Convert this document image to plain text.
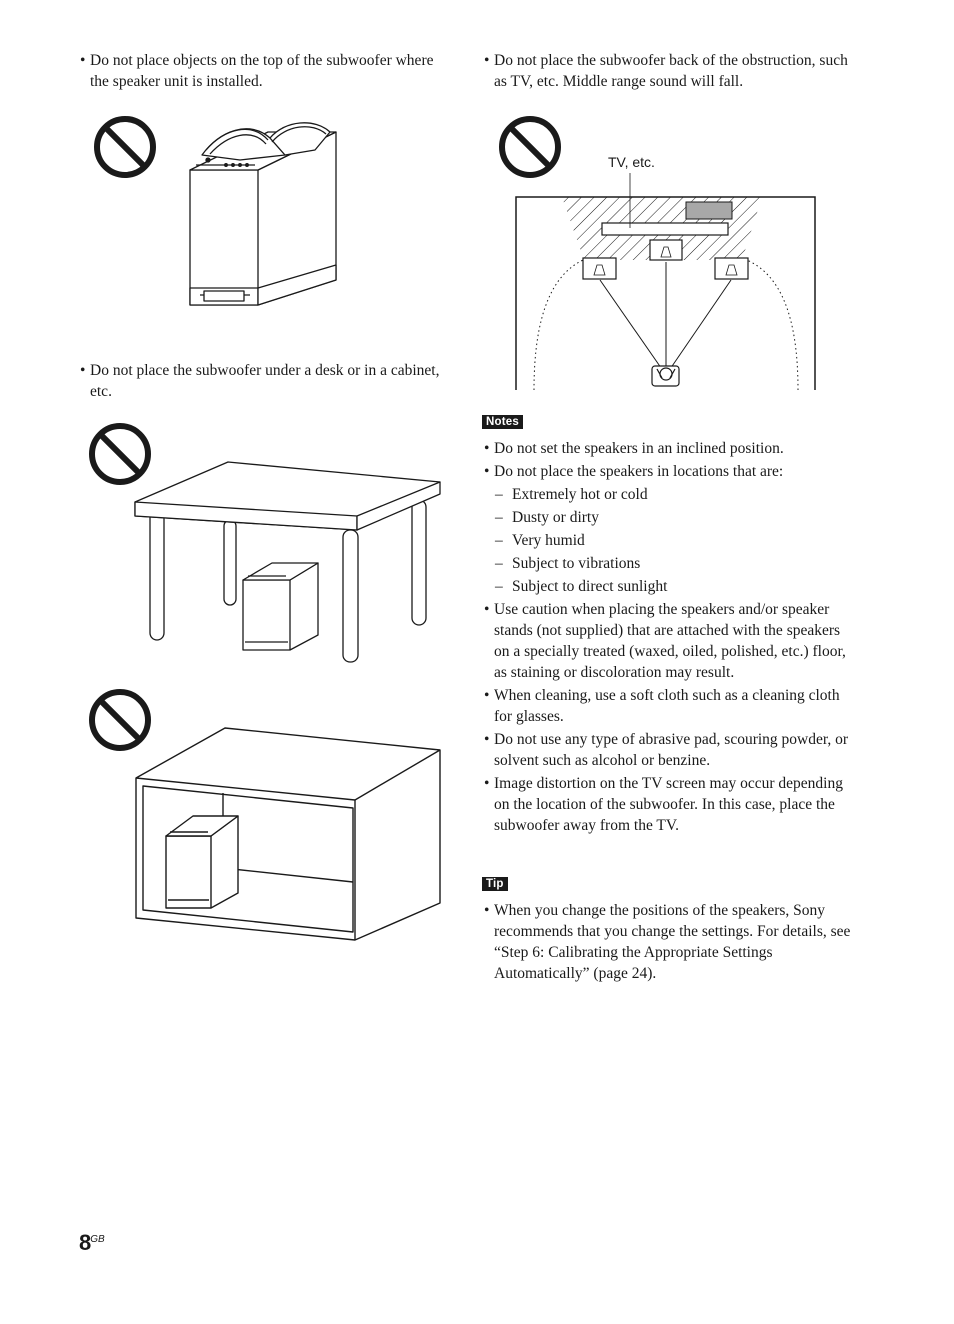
• Do not place objects on the top of the subwoofer where the speaker unit is installed.

• Do not place the subwoofer under a desk or in a cabinet, etc.

• Do not place the subwoofer back of the obstruction, such as TV, etc. Middle range sound will fall.

TV, etc.
Notes

• Do not set the speakers in an inclined position.

• Do not place the speakers in locations that are:

– Extremely hot or cold

– Dusty or dirty

– Very humid

– Subject to vibrations

– Subject to direct sunlight

• Use caution when placing the speakers and/or speaker stands (not supplied) that are attached with the speakers on a specially treated (waxed, oiled, polished, etc.) floor, as staining or discoloration may result.

• When cleaning, use a soft cloth such as a cleaning cloth for glasses.

• Do not use any type of abrasive pad, scouring powder, or solvent such as alcohol or benzine.

• Image distortion on the TV screen may occur depending on the location of the subwoofer. In this case, place the subwoofer away from the TV.

Tip

• When you change the positions of the speakers, Sony recommends that you change the settings. For details, see “Step 6: Calibrating the Appropriate Settings Automatically” (page 24).

$8^{GB}$
